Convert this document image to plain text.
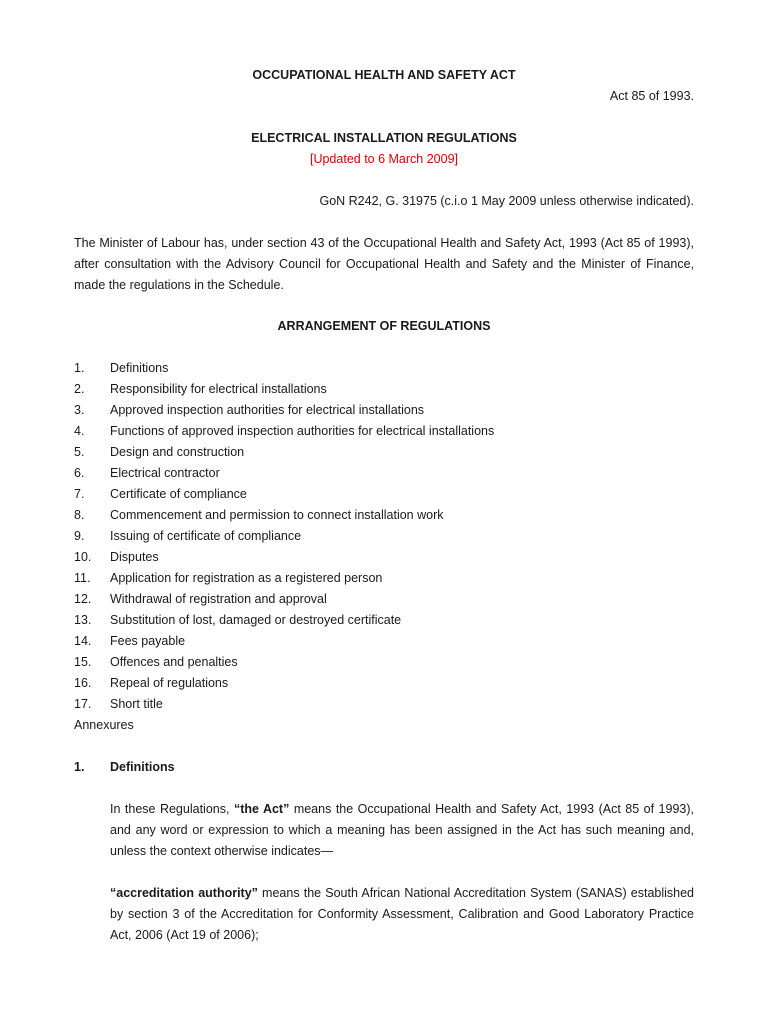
OCCUPATIONAL HEALTH AND SAFETY ACT
Act 85 of 1993.
ELECTRICAL INSTALLATION REGULATIONS
[Updated to 6 March 2009]
GoN R242, G. 31975 (c.i.o 1 May 2009 unless otherwise indicated).
The Minister of Labour has, under section 43 of the Occupational Health and Safety Act, 1993 (Act 85 of 1993), after consultation with the Advisory Council for Occupational Health and Safety and the Minister of Finance, made the regulations in the Schedule.
ARRANGEMENT OF REGULATIONS
1. Definitions
2. Responsibility for electrical installations
3. Approved inspection authorities for electrical installations
4. Functions of approved inspection authorities for electrical installations
5. Design and construction
6. Electrical contractor
7. Certificate of compliance
8. Commencement and permission to connect installation work
9. Issuing of certificate of compliance
10. Disputes
11. Application for registration as a registered person
12. Withdrawal of registration and approval
13. Substitution of lost, damaged or destroyed certificate
14. Fees payable
15. Offences and penalties
16. Repeal of regulations
17. Short title
Annexures
1. Definitions
In these Regulations, “the Act” means the Occupational Health and Safety Act, 1993 (Act 85 of 1993), and any word or expression to which a meaning has been assigned in the Act has such meaning and, unless the context otherwise indicates—
“accreditation authority” means the South African National Accreditation System (SANAS) established by section 3 of the Accreditation for Conformity Assessment, Calibration and Good Laboratory Practice Act, 2006 (Act 19 of 2006);
